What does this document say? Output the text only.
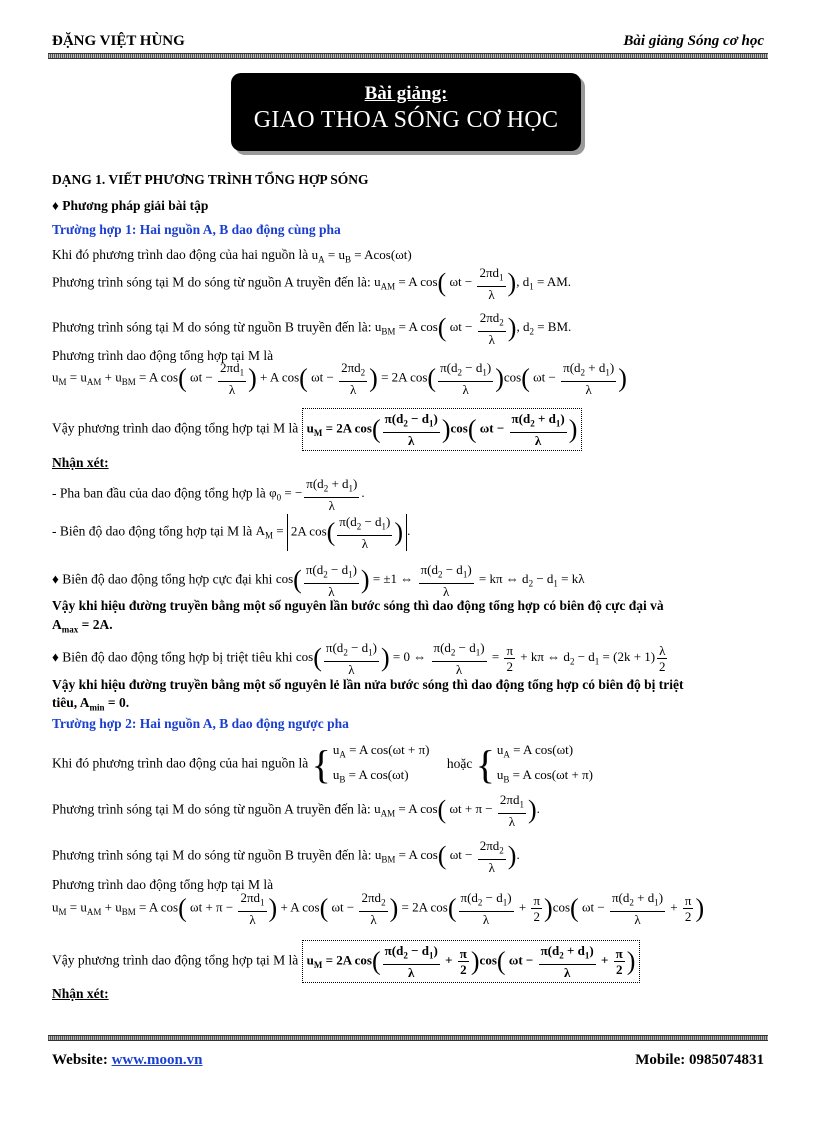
ĐẶNG VIỆT HÙNG	Bài giảng Sóng cơ học
Bài giảng:
GIAO THOA SÓNG CƠ HỌC
DẠNG 1. VIẾT PHƯƠNG TRÌNH TỔNG HỢP SÓNG
♦ Phương pháp giải bài tập
Trường hợp 1: Hai nguồn A, B dao động cùng pha
Khi đó phương trình dao động của hai nguồn là $u_A = u_B = Acos(\omega t)$
Phương trình sóng tại M do sóng từ nguồn A truyền đến là: $u_{AM} = A$ cos( $\omega t - \frac{2\pi d_1}{\lambda}$ ), $d_1$ = AM.
Phương trình sóng tại M do sóng từ nguồn B truyền đến là: $u_{BM} = A$ cos( $\omega t - \frac{2\pi d_2}{\lambda}$ ), $d_2$ = BM.
Phương trình dao động tổng hợp tại M là
$u_M = u_{AM} + u_{BM} = A$ cos( $\omega t - \frac{2\pi d_1}{\lambda}$ ) + A cos( $\omega t - \frac{2\pi d_2}{\lambda}$ ) = 2A $\cos( \frac{\pi(d_2 - d_1)}{\lambda} )\cos$( $\omega t - \frac{\pi(d_2 + d_1)}{\lambda}$ )
Vậy phương trình dao động tổng hợp tại M là $u_M = 2A$ $\cos( \frac{\pi(d_2 - d_1)}{\lambda} )\cos$( $\omega t - \frac{\pi(d_2 + d_1)}{\lambda}$ )
Nhận xét:
- Pha ban đầu của dao động tổng hợp là $\varphi_0$ = − $\frac{\pi(d_2 + d_1)}{\lambda}$ .
- Biên độ dao động tổng hợp tại M là $A_M = 2A$ $\cos( \frac{\pi(d_2 - d_1)}{\lambda}$ ) .
♦ Biên độ dao động tổng hợp cực đại khi $\cos( \frac{\pi(d_2 - d_1)}{\lambda}$ ) = ±1 ⇔ $\frac{\pi(d_2 - d_1)}{\lambda} = k\pi$ ⇔ $d_2 - d_1 = k\lambda$
Vậy khi hiệu đường truyền bằng một số nguyên lần bước sóng thì dao động tổng hợp có biên độ cực đại và
$A_{max} = 2A$.
♦ Biên độ dao động tổng hợp bị triệt tiêu khi $\cos( \frac{\pi(d_2 - d_1)}{\lambda}$ ) = 0 ⇔ $\frac{\pi(d_2 - d_1)}{\lambda} = \frac{\pi}{2} + k\pi$ ⇔ $d_2 - d_1 = (2k + 1) \frac{\lambda}{2}$
Vậy khi hiệu đường truyền bằng một số nguyên lẻ lần nửa bước sóng thì dao động tổng hợp có biên độ bị triệt
tiêu, $A_{min} = 0$.
Trường hợp 2: Hai nguồn A, B dao động ngược pha
Khi đó phương trình dao động của hai nguồn là { $u_A = A$ cos(ωt + π)
$u_B = A$ cos(ωt) hoặc { $u_A = A$ cos(ωt)
$u_B = A$ cos(ωt + π)
Phương trình sóng tại M do sóng từ nguồn A truyền đến là: $u_{AM} = A$ cos( $\omega t + \pi - \frac{2\pi d_1}{\lambda}$ ).
Phương trình sóng tại M do sóng từ nguồn B truyền đến là: $u_{BM} = A$ cos( $\omega t - \frac{2\pi d_2}{\lambda}$ ).
Phương trình dao động tổng hợp tại M là
$u_M = u_{AM} + u_{BM} = A$ cos( $\omega t + \pi - \frac{2\pi d_1}{\lambda}$ ) + A cos( $\omega t - \frac{2\pi d_2}{\lambda}$ ) = 2A $\cos( \frac{\pi(d_2 - d_1)}{\lambda} + \frac{\pi}{2} )\cos$( $\omega t - \frac{\pi(d_2 + d_1)}{\lambda} + \frac{\pi}{2}$ )
Vậy phương trình dao động tổng hợp tại M là $u_M = 2A$ $\cos( \frac{\pi(d_2 - d_1)}{\lambda} + \frac{\pi}{2} )\cos$( $\omega t - \frac{\pi(d_2 + d_1)}{\lambda} + \frac{\pi}{2}$ )
Nhận xét:
Website: www.moon.vn	Mobile: 0985074831
